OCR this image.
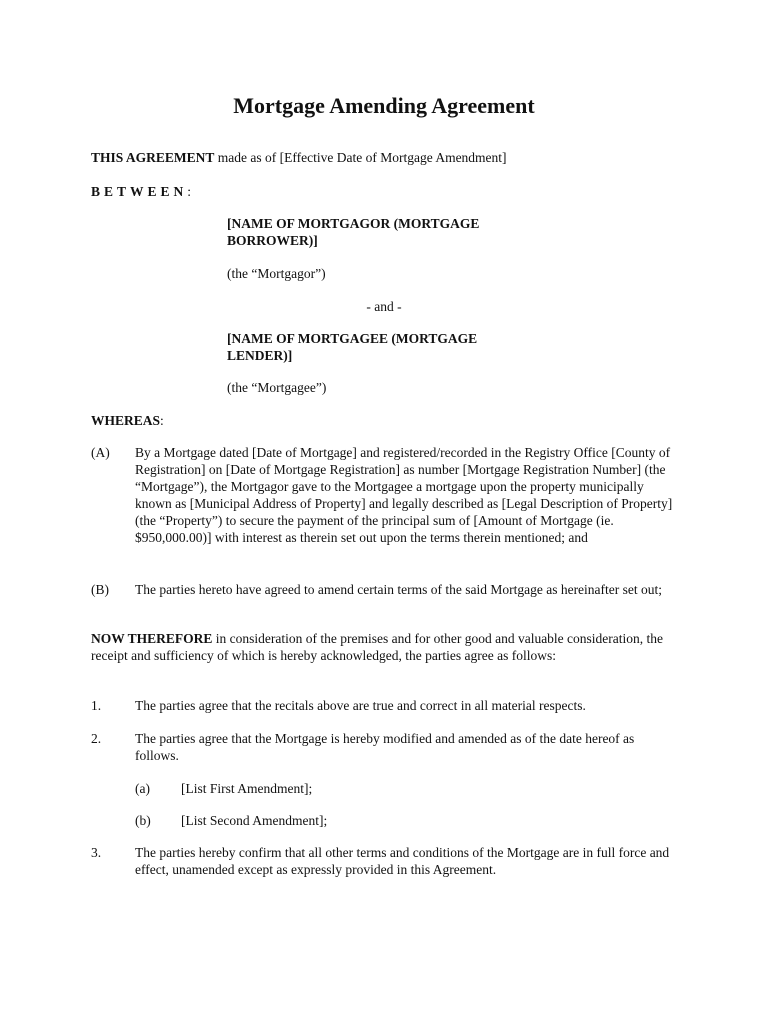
Mortgage Amending Agreement
THIS AGREEMENT made as of [Effective Date of Mortgage Amendment]
BETWEEN:
[NAME OF MORTGAGOR (MORTGAGE BORROWER)]
(the “Mortgagor”)
- and -
[NAME OF MORTGAGEE (MORTGAGE LENDER)]
(the “Mortgagee”)
WHEREAS:
(A) By a Mortgage dated [Date of Mortgage] and registered/recorded in the Registry Office [County of Registration] on [Date of Mortgage Registration] as number [Mortgage Registration Number] (the “Mortgage”), the Mortgagor gave to the Mortgagee a mortgage upon the property municipally known as [Municipal Address of Property] and legally described as [Legal Description of Property] (the “Property”) to secure the payment of the principal sum of [Amount of Mortgage (ie. $950,000.00)] with interest as therein set out upon the terms therein mentioned; and
(B) The parties hereto have agreed to amend certain terms of the said Mortgage as hereinafter set out;
NOW THEREFORE in consideration of the premises and for other good and valuable consideration, the receipt and sufficiency of which is hereby acknowledged, the parties agree as follows:
1.	The parties agree that the recitals above are true and correct in all material respects.
2.	The parties agree that the Mortgage is hereby modified and amended as of the date hereof as follows.
(a) [List First Amendment];
(b) [List Second Amendment];
3.	The parties hereby confirm that all other terms and conditions of the Mortgage are in full force and effect, unamended except as expressly provided in this Agreement.
